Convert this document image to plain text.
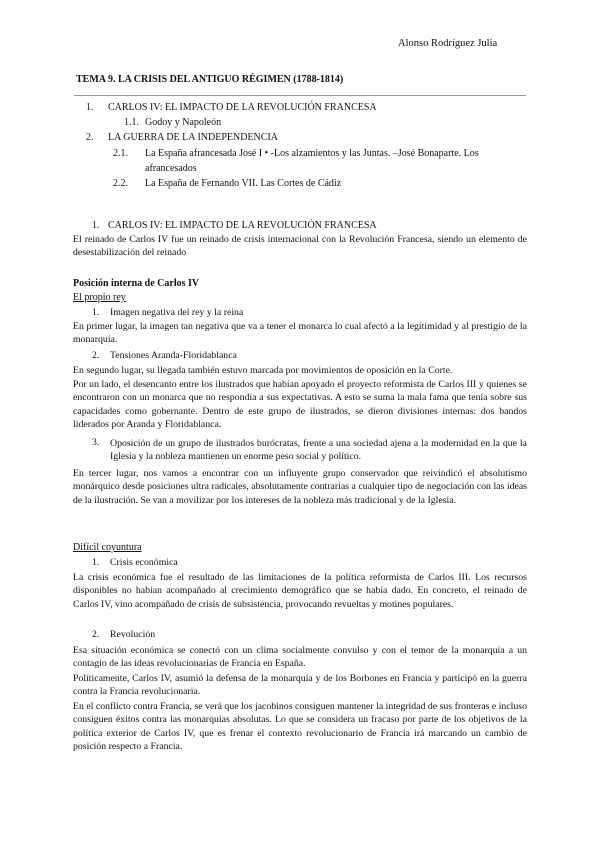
Alonso Rodríguez Julia
TEMA 9. LA CRISIS DEL ANTIGUO RÉGIMEN (1788-1814)
1. CARLOS IV: EL IMPACTO DE LA REVOLUCIÓN FRANCESA
1.1. Godoy y Napoleón
2. LA GUERRA DE LA INDEPENDENCIA
2.1. La España afrancesada José I • -Los alzamientos y las Juntas. –José Bonaparte. Los
afrancesados
2.2. La España de Fernando VII. Las Cortes de Cádiz
1. CARLOS IV: EL IMPACTO DE LA REVOLUCIÓN FRANCESA
El reinado de Carlos IV fue un reinado de crisis internacional con la Revolución Francesa, siendo un elemento de desestabilización del reinado
Posición interna de Carlos IV
El propio rey
1. Imagen negativa del rey y la reina
En primer lugar, la imagen tan negativa que va a tener el monarca lo cual afectó a la legitimidad y al prestigio de la monarquía.
2. Tensiones Aranda-Floridablanca
En segundo lugar, su llegada también estuvo marcada por movimientos de oposición en la Corte.
Por un lado, el desencanto entre los ilustrados que habían apoyado el proyecto reformista de Carlos III y quienes se encontraron con un monarca que no respondía a sus expectativas. A esto se suma la mala fama que tenía sobre sus capacidades como gobernante. Dentro de este grupo de ilustrados, se dieron divisiones internas: dos bandos liderados por Aranda y Floridablanca.
3. Oposición de un grupo de ilustrados burócratas, frente a una sociedad ajena a la modernidad en la que la Iglesia y la nobleza mantienen un enorme peso social y político.
En tercer lugar, nos vamos a encontrar con un influyente grupo conservador que reivindicó el absolutismo monárquico desde posiciones ultra radicales, absolutamente contrarias a cualquier tipo de negociación con las ideas de la ilustración. Se van a movilizar por los intereses de la nobleza más tradicional y de la Iglesia.
Difícil coyuntura
1. Crisis económica
La crisis económica fue el resultado de las limitaciones de la política reformista de Carlos III. Los recursos disponibles no habían acompañado al crecimiento demográfico que se había dado. En concreto, el reinado de Carlos IV, vino acompañado de crisis de subsistencia, provocando revueltas y motines populares.
2. Revolución
Esa situación económica se conectó con un clima socialmente convulso y con el temor de la monarquía a un contagio de las ideas revolucionarias de Francia en España.
Políticamente, Carlos IV, asumió la defensa de la monarquía y de los Borbones en Francia y participó en la guerra contra la Francia revolucionaria.
En el conflicto contra Francia, se verá que los jacobinos consiguen mantener la integridad de sus fronteras e incluso consiguen éxitos contra las monarquías absolutas. Lo que se considera un fracaso por parte de los objetivos de la política exterior de Carlos IV, que es frenar el contexto revolucionario de Francia irá marcando un cambio de posición respecto a Francia.
